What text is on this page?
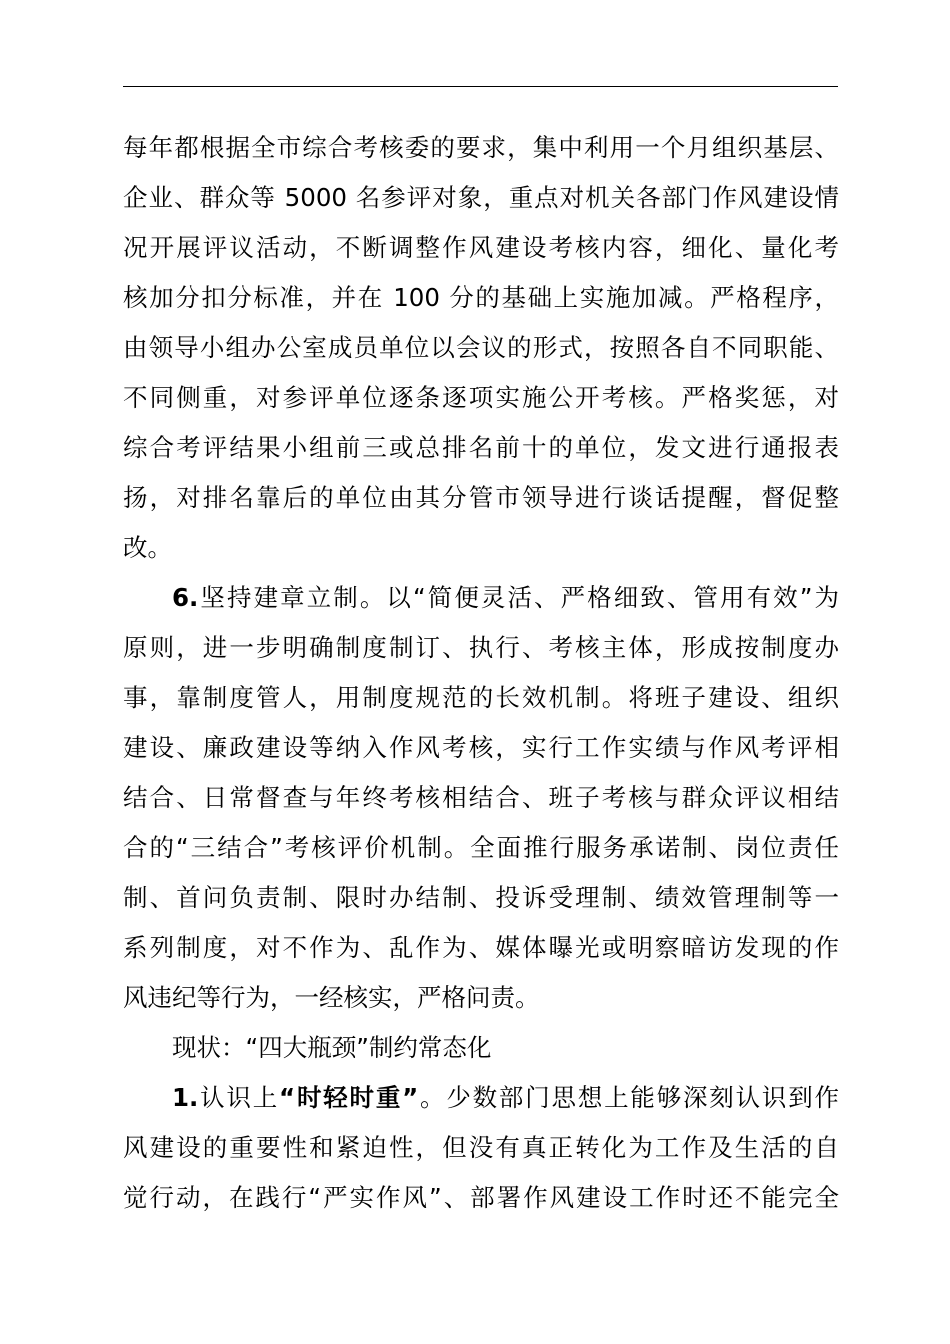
每年都根据全市综合考核委的要求，集中利用一个月组织基层、
企业、群众等 5000 名参评对象，重点对机关各部门作风建设情
况开展评议活动，不断调整作风建设考核内容，细化、量化考
核加分扣分标准，并在 100 分的基础上实施加减。严格程序，
由领导小组办公室成员单位以会议的形式，按照各自不同职能、
不同侧重，对参评单位逐条逐项实施公开考核。严格奖惩，对
综合考评结果小组前三或总排名前十的单位，发文进行通报表
扬，对排名靠后的单位由其分管市领导进行谈话提醒，督促整
改。
6.坚持建章立制。以“简便灵活、严格细致、管用有效”为
原则，进一步明确制度制订、执行、考核主体，形成按制度办
事，靠制度管人，用制度规范的长效机制。将班子建设、组织
建设、廉政建设等纳入作风考核，实行工作实绩与作风考评相
结合、日常督查与年终考核相结合、班子考核与群众评议相结
合的“三结合”考核评价机制。全面推行服务承诺制、岗位责任
制、首问负责制、限时办结制、投诉受理制、绩效管理制等一
系列制度，对不作为、乱作为、媒体曝光或明察暗访发现的作
风违纪等行为，一经核实，严格问责。
现状：“四大瓶颈”制约常态化
1.认识上“时轻时重”。少数部门思想上能够深刻认识到作
风建设的重要性和紧迫性，但没有真正转化为工作及生活的自
觉行动，在践行“严实作风”、部署作风建设工作时还不能完全
